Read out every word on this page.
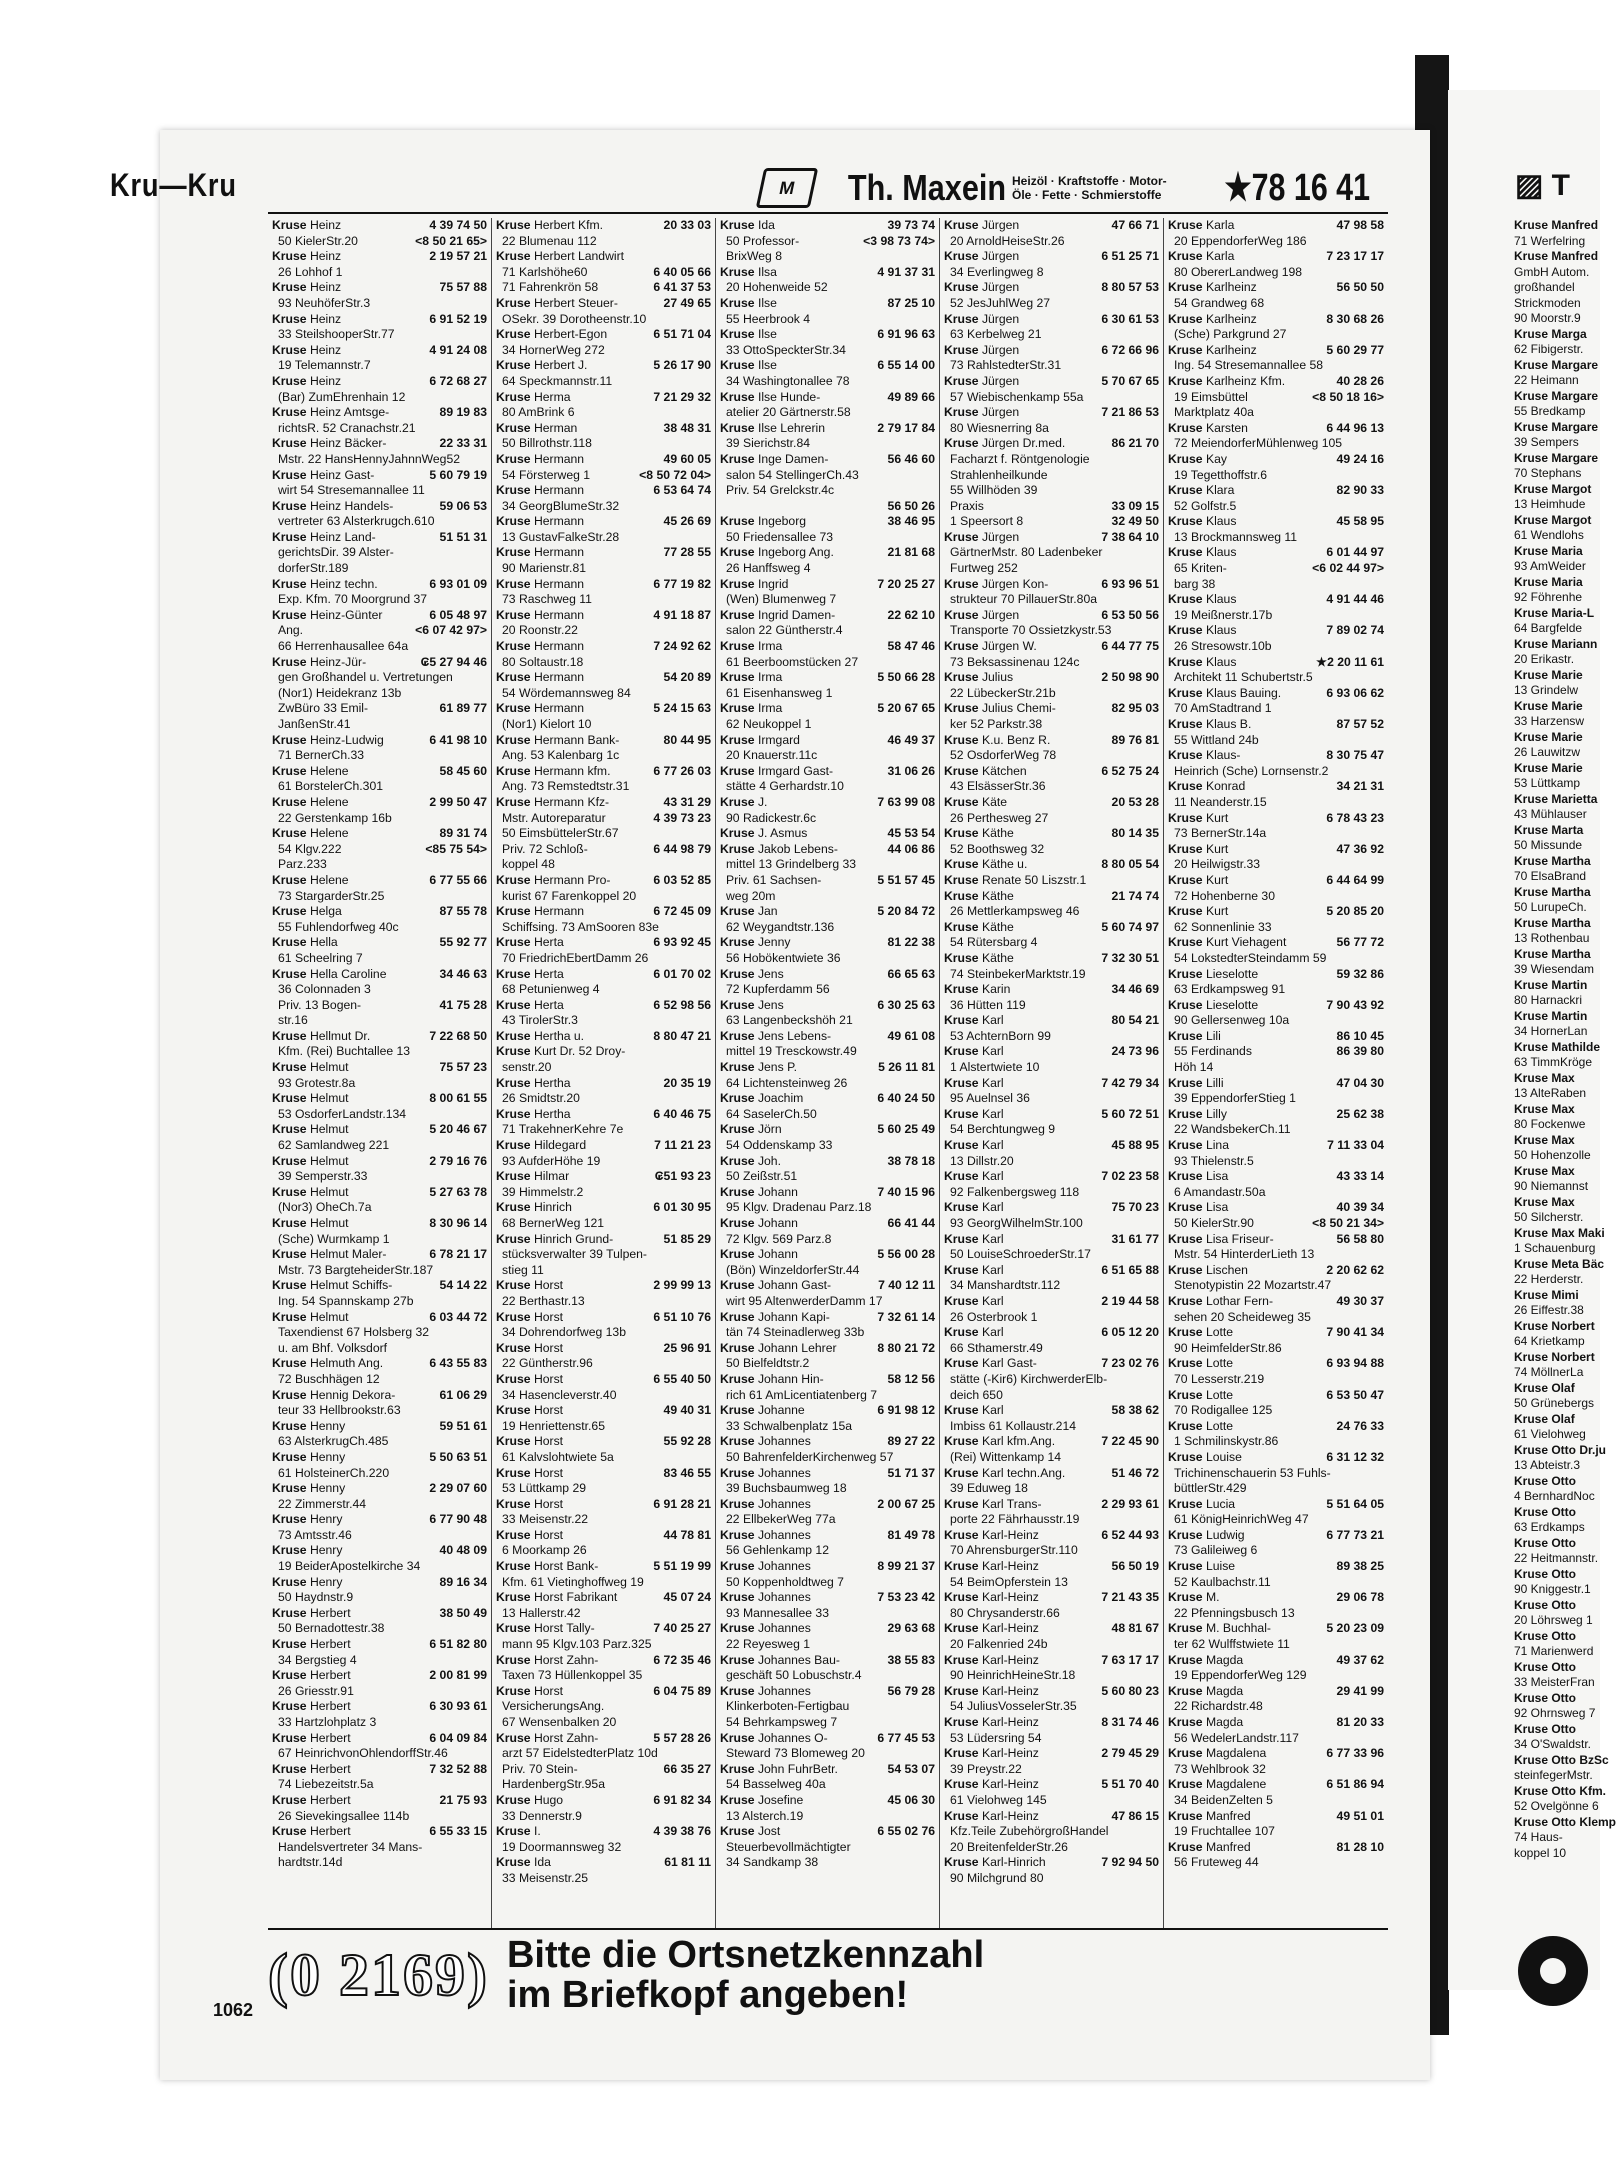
Kru—Kru	M	Th. Maxein Heizöl · Kraftstoffe · Motor-Öle · Fette · Schmierstoffe	★78 16 41
Kruse Heinz	4 39 74 50
50 KielerStr.20	<8 50 21 65>
Kruse Heinz	2 19 57 21
26 Lohhof 1
Kruse Heinz	75 57 88
93 NeuhöferStr.3
Kruse Heinz	6 91 52 19
33 SteilshooperStr.77
Kruse Heinz	4 91 24 08
19 Telemannstr.7
Kruse Heinz	6 72 68 27
(Bar) ZumEhrenhain 12
Kruse Heinz Amtsge-	89 19 83
richtsR. 52 Cranachstr.21
Kruse Heinz Bäcker-	22 33 31
Mstr. 22 HansHennyJahnnWeg52
Kruse Heinz Gast-	5 60 79 19
wirt 54 Stresemannallee 11
Kruse Heinz Handels-	59 06 53
vertreter 63 Alsterkrugch.610
Kruse Heinz Land-	51 51 31
gerichtsDir. 39 Alster-
dorferStr.189
Kruse Heinz techn.	6 93 01 09
Exp. Kfm. 70 Moorgrund 37
Kruse Heinz-Günter	6 05 48 97
Ang.	<6 07 42 97>
66 Herrenhausallee 64a
Kruse Heinz-Jür-	₢5 27 94 46
gen Großhandel u. Vertretungen
(Nor1) Heidekranz 13b
ZwBüro 33 Emil-	61 89 77
JanßenStr.41
Kruse Heinz-Ludwig	6 41 98 10
71 BernerCh.33
Kruse Helene	58 45 60
61 BorstelerCh.301
Kruse Helene	2 99 50 47
22 Gerstenkamp 16b
Kruse Helene	89 31 74
54 Klgv.222	<85 75 54>
Parz.233
Kruse Helene	6 77 55 66
73 StargarderStr.25
Kruse Helga	87 55 78
55 Fuhlendorfweg 40c
Kruse Hella	55 92 77
61 Scheelring 7
Kruse Hella Caroline	34 46 63
36 Colonnaden 3
Priv. 13 Bogen-	41 75 28
str.16
Kruse Hellmut Dr.	7 22 68 50
Kfm. (Rei) Buchtallee 13
Kruse Helmut	75 57 23
93 Grotestr.8a
Kruse Helmut	8 00 61 55
53 OsdorferLandstr.134
Kruse Helmut	5 20 46 67
62 Samlandweg 221
Kruse Helmut	2 79 16 76
39 Semperstr.33
Kruse Helmut	5 27 63 78
(Nor3) OheCh.7a
Kruse Helmut	8 30 96 14
(Sche) Wurmkamp 1
Kruse Helmut Maler-	6 78 21 17
Mstr. 73 BargteheiderStr.187
Kruse Helmut Schiffs-	54 14 22
Ing. 54 Spannskamp 27b
Kruse Helmut	6 03 44 72
Taxendienst 67 Holsberg 32
u. am Bhf. Volksdorf
Kruse Helmuth Ang.	6 43 55 83
72 Buschhägen 12
Kruse Hennig Dekora-	61 06 29
teur 33 Hellbrookstr.63
Kruse Henny	59 51 61
63 AlsterkrugCh.485
Kruse Henny	5 50 63 51
61 HolsteinerCh.220
Kruse Henny	2 29 07 60
22 Zimmerstr.44
Kruse Henry	6 77 90 48
73 Amtsstr.46
Kruse Henry	40 48 09
19 BeiderApostelkirche 34
Kruse Henry	89 16 34
50 Haydnstr.9
Kruse Herbert	38 50 49
50 Bernadottestr.38
Kruse Herbert	6 51 82 80
34 Bergstieg 4
Kruse Herbert	2 00 81 99
26 Griesstr.91
Kruse Herbert	6 30 93 61
33 Hartzlohplatz 3
Kruse Herbert	6 04 09 84
67 HeinrichvonOhlendorffStr.46
Kruse Herbert	7 32 52 88
74 Liebezeitstr.5a
Kruse Herbert	21 75 93
26 Sievekingsallee 114b
Kruse Herbert	6 55 33 15
Handelsvertreter 34 Mans-
hardtstr.14d
Kruse Herbert Kfm.	20 33 03
22 Blumenau 112
Kruse Herbert Landwirt
71 Karlshöhe60	6 40 05 66
71 Fahrenkrön 58	6 41 37 53
Kruse Herbert Steuer-	27 49 65
OSekr. 39 Dorotheenstr.10
Kruse Herbert-Egon	6 51 71 04
34 HornerWeg 272
Kruse Herbert J.	5 26 17 90
64 Speckmannstr.11
Kruse Herma	7 21 29 32
80 AmBrink 6
Kruse Herman	38 48 31
50 Billrothstr.118
Kruse Hermann	49 60 05
54 Försterweg 1	<8 50 72 04>
Kruse Hermann	6 53 64 74
34 GeorgBlumeStr.32
Kruse Hermann	45 26 69
13 GustavFalkeStr.28
Kruse Hermann	77 28 55
90 Marienstr.81
Kruse Hermann	6 77 19 82
73 Raschweg 11
Kruse Hermann	4 91 18 87
20 Roonstr.22
Kruse Hermann	7 24 92 62
80 Soltaustr.18
Kruse Hermann	54 20 89
54 Wördemannsweg 84
Kruse Hermann	5 24 15 63
(Nor1) Kielort 10
Kruse Hermann Bank-	80 44 95
Ang. 53 Kalenbarg 1c
Kruse Hermann kfm.	6 77 26 03
Ang. 73 Remstedtstr.31
Kruse Hermann Kfz-	43 31 29
Mstr. Autoreparatur	4 39 73 23
50 EimsbüttelerStr.67
Priv. 72 Schloß-	6 44 98 79
koppel 48
Kruse Hermann Pro-	6 03 52 85
kurist 67 Farenkoppel 20
Kruse Hermann	6 72 45 09
Schiffsing. 73 AmSooren 83e
Kruse Herta	6 93 92 45
70 FriedrichEbertDamm 26
Kruse Herta	6 01 70 02
68 Petunienweg 4
Kruse Herta	6 52 98 56
43 TirolerStr.3
Kruse Hertha u.	8 80 47 21
Kruse Kurt Dr. 52 Droy-
senstr.20
Kruse Hertha	20 35 19
26 Smidtstr.20
Kruse Hertha	6 40 46 75
71 TrakehnerKehre 7e
Kruse Hildegard	7 11 21 23
93 AufderHöhe 19
Kruse Hilmar	₢51 93 23
39 Himmelstr.2
Kruse Hinrich	6 01 30 95
68 BernerWeg 121
Kruse Hinrich Grund-	51 85 29
stücksverwalter 39 Tulpen-
stieg 11
Kruse Horst	2 99 99 13
22 Berthastr.13
Kruse Horst	6 51 10 76
34 Dohrendorfweg 13b
Kruse Horst	25 96 91
22 Güntherstr.96
Kruse Horst	6 55 40 50
34 Hasencleverstr.40
Kruse Horst	49 40 31
19 Henriettenstr.65
Kruse Horst	55 92 28
61 Kalvslohtwiete 5a
Kruse Horst	83 46 55
53 Lüttkamp 29
Kruse Horst	6 91 28 21
33 Meisenstr.22
Kruse Horst	44 78 81
6 Moorkamp 26
Kruse Horst Bank-	5 51 19 99
Kfm. 61 Vietinghoffweg 19
Kruse Horst Fabrikant	45 07 24
13 Hallerstr.42
Kruse Horst Tally-	7 40 25 27
mann 95 Klgv.103 Parz.325
Kruse Horst Zahn-	6 72 35 46
Taxen 73 Hüllenkoppel 35
Kruse Horst	6 04 75 89
VersicherungsAng.
67 Wensenbalken 20
Kruse Horst Zahn-	5 57 28 26
arzt 57 EidelstedterPlatz 10d
Priv. 70 Stein-	66 35 27
HardenbergStr.95a
Kruse Hugo	6 91 82 34
33 Dennerstr.9
Kruse I.	4 39 38 76
19 Doormannsweg 32
Kruse Ida	61 81 11
33 Meisenstr.25
Kruse Ida	39 73 74
50 Professor-	<3 98 73 74>
BrixWeg 8
Kruse Ilsa	4 91 37 31
20 Hohenweide 52
Kruse Ilse	87 25 10
55 Heerbrook 4
Kruse Ilse	6 91 96 63
33 OttoSpeckterStr.34
Kruse Ilse	6 55 14 00
34 Washingtonallee 78
Kruse Ilse Hunde-	49 89 66
atelier 20 Gärtnerstr.58
Kruse Ilse Lehrerin	2 79 17 84
39 Sierichstr.84
Kruse Inge Damen-	56 46 60
salon 54 StellingerCh.43
Priv. 54 Grelckstr.4c
56 50 26
Kruse Ingeborg	38 46 95
50 Friedensallee 73
Kruse Ingeborg Ang.	21 81 68
26 Hanffsweg 4
Kruse Ingrid	7 20 25 27
(Wen) Blumenweg 7
Kruse Ingrid Damen-	22 62 10
salon 22 Güntherstr.4
Kruse Irma	58 47 46
61 Beerboomstücken 27
Kruse Irma	5 50 66 28
61 Eisenhansweg 1
Kruse Irma	5 20 67 65
62 Neukoppel 1
Kruse Irmgard	46 49 37
20 Knauerstr.11c
Kruse Irmgard Gast-	31 06 26
stätte 4 Gerhardstr.10
Kruse J.	7 63 99 08
90 Radickestr.6c
Kruse J. Asmus	45 53 54
Kruse Jakob Lebens-	44 06 86
mittel 13 Grindelberg 33
Priv. 61 Sachsen-	5 51 57 45
weg 20m
Kruse Jan	5 20 84 72
62 Weygandtstr.136
Kruse Jenny	81 22 38
56 Hobökentwiete 36
Kruse Jens	66 65 63
72 Kupferdamm 56
Kruse Jens	6 30 25 63
63 Langenbeckshöh 21
Kruse Jens Lebens-	49 61 08
mittel 19 Tresckowstr.49
Kruse Jens P.	5 26 11 81
64 Lichtensteinweg 26
Kruse Joachim	6 40 24 50
64 SaselerCh.50
Kruse Jörn	5 60 25 49
54 Oddenskamp 33
Kruse Joh.	38 78 18
50 Zeißstr.51
Kruse Johann	7 40 15 96
95 Klgv. Dradenau Parz.18
Kruse Johann	66 41 44
72 Klgv. 569 Parz.8
Kruse Johann	5 56 00 28
(Bön) WinzeldorferStr.44
Kruse Johann Gast-	7 40 12 11
wirt 95 AltenwerderDamm 17
Kruse Johann Kapi-	7 32 61 14
tän 74 Steinadlerweg 33b
Kruse Johann Lehrer	8 80 21 72
50 Bielfeldtstr.2
Kruse Johann Hin-	58 12 56
rich 61 AmLicentiatenberg 7
Kruse Johanne	6 91 98 12
33 Schwalbenplatz 15a
Kruse Johannes	89 27 22
50 BahrenfelderKirchenweg 57
Kruse Johannes	51 71 37
39 Buchsbaumweg 18
Kruse Johannes	2 00 67 25
22 EllbekerWeg 77a
Kruse Johannes	81 49 78
56 Gehlenkamp 12
Kruse Johannes	8 99 21 37
50 Koppenholdtweg 7
Kruse Johannes	7 53 23 42
93 Mannesallee 33
Kruse Johannes	29 63 68
22 Reyesweg 1
Kruse Johannes Bau-	38 55 83
geschäft 50 Lobuschstr.4
Kruse Johannes	56 79 28
Klinkerboten-Fertigbau
54 Behrkampsweg 7
Kruse Johannes O-	6 77 45 53
Steward 73 Blomeweg 20
Kruse John FuhrBetr.	54 53 07
54 Basselweg 40a
Kruse Josefine	45 06 30
13 Alsterch.19
Kruse Jost	6 55 02 76
Steuerbevollmächtigter
34 Sandkamp 38
Kruse Jürgen	47 66 71
20 ArnoldHeiseStr.26
Kruse Jürgen	6 51 25 71
34 Everlingweg 8
Kruse Jürgen	8 80 57 53
52 JesJuhlWeg 27
Kruse Jürgen	6 30 61 53
63 Kerbelweg 21
Kruse Jürgen	6 72 66 96
73 RahlstedterStr.31
Kruse Jürgen	5 70 67 65
57 Wiebischenkamp 55a
Kruse Jürgen	7 21 86 53
80 Wiesnerring 8a
Kruse Jürgen Dr.med.	86 21 70
Facharzt f. Röntgenologie
Strahlenheilkunde
55 Willhöden 39
Praxis	33 09 15
1 Speersort 8	32 49 50
Kruse Jürgen	7 38 64 10
GärtnerMstr. 80 Ladenbeker
Furtweg 252
Kruse Jürgen Kon-	6 93 96 51
strukteur 70 PillauerStr.80a
Kruse Jürgen	6 53 50 56
Transporte 70 Ossietzkystr.53
Kruse Jürgen W.	6 44 77 75
73 Beksassinenau 124c
Kruse Julius	2 50 98 90
22 LübeckerStr.21b
Kruse Julius Chemi-	82 95 03
ker 52 Parkstr.38
Kruse K.u. Benz R.	89 76 81
52 OsdorferWeg 78
Kruse Kätchen	6 52 75 24
43 ElsässerStr.36
Kruse Käte	20 53 28
26 Perthesweg 27
Kruse Käthe	80 14 35
52 Boothsweg 32
Kruse Käthe u.	8 80 05 54
Kruse Renate 50 Liszstr.1
Kruse Käthe	21 74 74
26 Mettlerkampsweg 46
Kruse Käthe	5 60 74 97
54 Rütersbarg 4
Kruse Käthe	7 32 30 51
74 SteinbekerMarktstr.19
Kruse Karin	34 46 69
36 Hütten 119
Kruse Karl	80 54 21
53 AchternBorn 99
Kruse Karl	24 73 96
1 Alstertwiete 10
Kruse Karl	7 42 79 34
95 Auelnsel 36
Kruse Karl	5 60 72 51
54 Berchtungweg 9
Kruse Karl	45 88 95
13 Dillstr.20
Kruse Karl	7 02 23 58
92 Falkenbergsweg 118
Kruse Karl	75 70 23
93 GeorgWilhelmStr.100
Kruse Karl	31 61 77
50 LouiseSchroederStr.17
Kruse Karl	6 51 65 88
34 Manshardtstr.112
Kruse Karl	2 19 44 58
26 Osterbrook 1
Kruse Karl	6 05 12 20
66 Sthamerstr.49
Kruse Karl Gast-	7 23 02 76
stätte (-Kir6) KirchwerderElb-
deich 650
Kruse Karl	58 38 62
Imbiss 61 Kollaustr.214
Kruse Karl kfm.Ang.	7 22 45 90
(Rei) Wittenkamp 14
Kruse Karl techn.Ang.	51 46 72
39 Eduweg 18
Kruse Karl Trans-	2 29 93 61
porte 22 Fährhausstr.19
Kruse Karl-Heinz	6 52 44 93
70 AhrensburgerStr.110
Kruse Karl-Heinz	56 50 19
54 BeimOpferstein 13
Kruse Karl-Heinz	7 21 43 35
80 Chrysanderstr.66
Kruse Karl-Heinz	48 81 67
20 Falkenried 24b
Kruse Karl-Heinz	7 63 17 17
90 HeinrichHeineStr.18
Kruse Karl-Heinz	5 60 80 23
54 JuliusVosselerStr.35
Kruse Karl-Heinz	8 31 74 46
53 Lüdersring 54
Kruse Karl-Heinz	2 79 45 29
39 Preystr.22
Kruse Karl-Heinz	5 51 70 40
61 Vielohweg 145
Kruse Karl-Heinz	47 86 15
Kfz.Teile ZubehörgroßHandel
20 BreitenfelderStr.26
Kruse Karl-Hinrich	7 92 94 50
90 Milchgrund 80
Kruse Karla	47 98 58
20 EppendorferWeg 186
Kruse Karla	7 23 17 17
80 ObererLandweg 198
Kruse Karlheinz	56 50 50
54 Grandweg 68
Kruse Karlheinz	8 30 68 26
(Sche) Parkgrund 27
Kruse Karlheinz	5 60 29 77
Ing. 54 Stresemannallee 58
Kruse Karlheinz Kfm.	40 28 26
19 Eimsbüttel	<8 50 18 16>
Marktplatz 40a
Kruse Karsten	6 44 96 13
72 MeiendorferMühlenweg 105
Kruse Kay	49 24 16
19 Tegetthoffstr.6
Kruse Klara	82 90 33
52 Golfstr.5
Kruse Klaus	45 58 95
13 Brockmannsweg 11
Kruse Klaus	6 01 44 97
65 Kriten-	<6 02 44 97>
barg 38
Kruse Klaus	4 91 44 46
19 Meißnerstr.17b
Kruse Klaus	7 89 02 74
26 Stresowstr.10b
Kruse Klaus	★2 20 11 61
Architekt 11 Schubertstr.5
Kruse Klaus Bauing.	6 93 06 62
70 AmStadtrand 1
Kruse Klaus B.	87 57 52
55 Wittland 24b
Kruse Klaus-	8 30 75 47
Heinrich (Sche) Lornsenstr.2
Kruse Konrad	34 21 31
11 Neanderstr.15
Kruse Kurt	6 78 43 23
73 BernerStr.14a
Kruse Kurt	47 36 92
20 Heilwigstr.33
Kruse Kurt	6 44 64 99
72 Hohenberne 30
Kruse Kurt	5 20 85 20
62 Sonnenlinie 33
Kruse Kurt Viehagent	56 77 72
54 LokstedterSteindamm 59
Kruse Lieselotte	59 32 86
63 Erdkampsweg 91
Kruse Lieselotte	7 90 43 92
90 Gellersenweg 10a
Kruse Lili	86 10 45
55 Ferdinands	86 39 80
Höh 14
Kruse Lilli	47 04 30
39 EppendorferStieg 1
Kruse Lilly	25 62 38
22 WandsbekerCh.11
Kruse Lina	7 11 33 04
93 Thielenstr.5
Kruse Lisa	43 33 14
6 Amandastr.50a
Kruse Lisa	40 39 34
50 KielerStr.90	<8 50 21 34>
Kruse Lisa Friseur-	56 58 80
Mstr. 54 HinterderLieth 13
Kruse Lischen	2 20 62 62
Stenotypistin 22 Mozartstr.47
Kruse Lothar Fern-	49 30 37
sehen 20 Scheideweg 35
Kruse Lotte	7 90 41 34
90 HeimfelderStr.86
Kruse Lotte	6 93 94 88
70 Lesserstr.219
Kruse Lotte	6 53 50 47
70 Rodigallee 125
Kruse Lotte	24 76 33
1 Schmilinskystr.86
Kruse Louise	6 31 12 32
Trichinenschauerin 53 Fuhls-
büttlerStr.429
Kruse Lucia	5 51 64 05
61 KönigHeinrichWeg 47
Kruse Ludwig	6 77 73 21
73 Galileiweg 6
Kruse Luise	89 38 25
52 Kaulbachstr.11
Kruse M.	29 06 78
22 Pfenningsbusch 13
Kruse M. Buchhal-	5 20 23 09
ter 62 Wulffstwiete 11
Kruse Magda	49 37 62
19 EppendorferWeg 129
Kruse Magda	29 41 99
22 Richardstr.48
Kruse Magda	81 20 33
56 WedelerLandstr.117
Kruse Magdalena	6 77 33 96
73 Wehlbrook 32
Kruse Magdalene	6 51 86 94
34 BeidenZelten 5
Kruse Manfred	49 51 01
19 Fruchtallee 107
Kruse Manfred	81 28 10
56 Fruteweg 44
▨ T
Kruse Manfred
71 Werfelring
Kruse Manfred
GmbH Autom.
großhandel
Strickmoden
90 Moorstr.9
Kruse Marga
62 Fibigerstr.
Kruse Margare
22 Heimann
Kruse Margare
55 Bredkamp
Kruse Margare
39 Sempers
Kruse Margare
70 Stephans
Kruse Margot
13 Heimhude
Kruse Margot
61 Wendlohs
Kruse Maria
93 AmWeider
Kruse Maria
92 Föhrenhe
Kruse Maria-L
64 Bargfelde
Kruse Mariann
20 Erikastr.
Kruse Marie
13 Grindelw
Kruse Marie
33 Harzensw
Kruse Marie
26 Lauwitzw
Kruse Marie
53 Lüttkamp
Kruse Marietta
43 Mühlauser
Kruse Marta
50 Missunde
Kruse Martha
70 ElsaBrand
Kruse Martha
50 LurupeCh.
Kruse Martha
13 Rothenbau
Kruse Martha
39 Wiesendam
Kruse Martin
80 Harnackri
Kruse Martin
34 HornerLan
Kruse Mathilde
63 TimmKröge
Kruse Max
13 AlteRaben
Kruse Max
80 Fockenwe
Kruse Max
50 Hohenzolle
Kruse Max
90 Niemannst
Kruse Max
50 Silcherstr.
Kruse Max Maki
1 Schauenburg
Kruse Meta Bäc
22 Herderstr.
Kruse Mimi
26 Eiffestr.38
Kruse Norbert
64 Krietkamp
Kruse Norbert
74 MöllnerLa
Kruse Olaf
50 Grünebergs
Kruse Olaf
61 Vielohweg
Kruse Otto Dr.ju
13 Abteistr.3
Kruse Otto
4 BernhardNoc
Kruse Otto
63 Erdkamps
Kruse Otto
22 Heitmannstr.
Kruse Otto
90 Kniggestr.1
Kruse Otto
20 Löhrsweg 1
Kruse Otto
71 Marienwerd
Kruse Otto
33 MeisterFran
Kruse Otto
92 Ohrnsweg 7
Kruse Otto
34 O'Swaldstr.
Kruse Otto BzSc
steinfegerMstr.
Kruse Otto Kfm.
52 Ovelgönne 6
Kruse Otto Klemp
74 Haus-
koppel 10
(0 2169) Bitte die Ortsnetzkennzahl
im Briefkopf angeben!
1062
